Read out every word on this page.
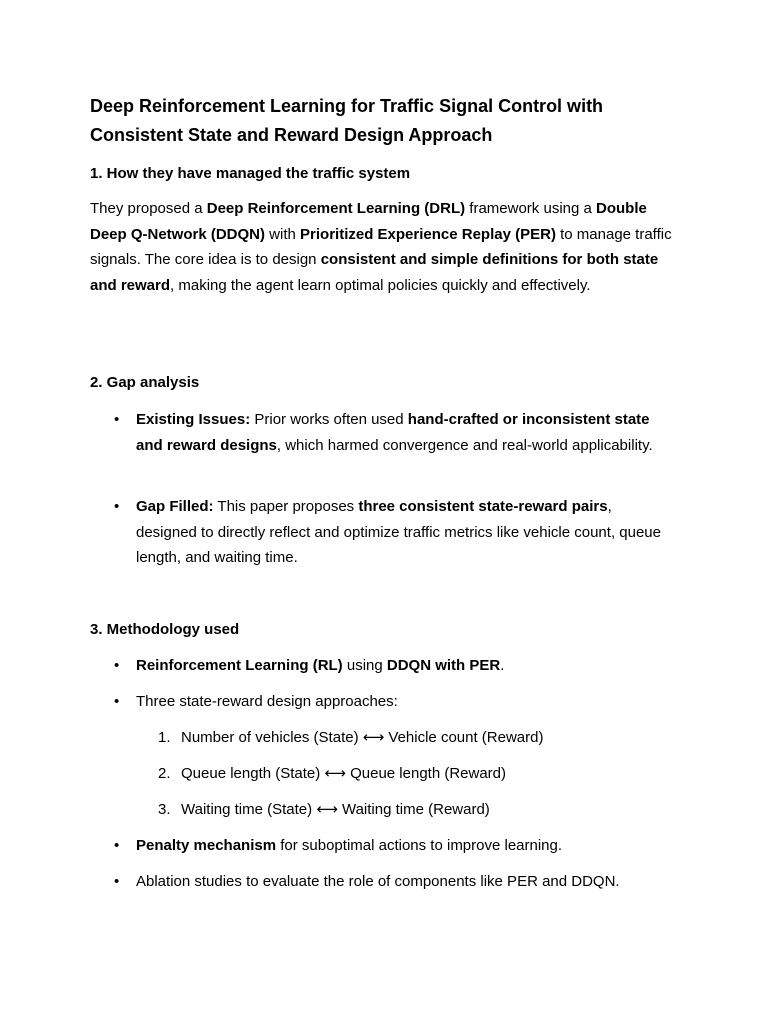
Deep Reinforcement Learning for Traffic Signal Control with Consistent State and Reward Design Approach
1. How they have managed the traffic system

They proposed a Deep Reinforcement Learning (DRL) framework using a Double Deep Q-Network (DDQN) with Prioritized Experience Replay (PER) to manage traffic signals. The core idea is to design consistent and simple definitions for both state and reward, making the agent learn optimal policies quickly and effectively.

2. Gap analysis

• Existing Issues: Prior works often used hand-crafted or inconsistent state and reward designs, which harmed convergence and real-world applicability.

• Gap Filled: This paper proposes three consistent state-reward pairs, designed to directly reflect and optimize traffic metrics like vehicle count, queue length, and waiting time.

3. Methodology used

• Reinforcement Learning (RL) using DDQN with PER.

• Three state-reward design approaches:

1. Number of vehicles (State) ⟷ Vehicle count (Reward)

2. Queue length (State) ⟷ Queue length (Reward)

3. Waiting time (State) ⟷ Waiting time (Reward)

• Penalty mechanism for suboptimal actions to improve learning.

• Ablation studies to evaluate the role of components like PER and DDQN.
